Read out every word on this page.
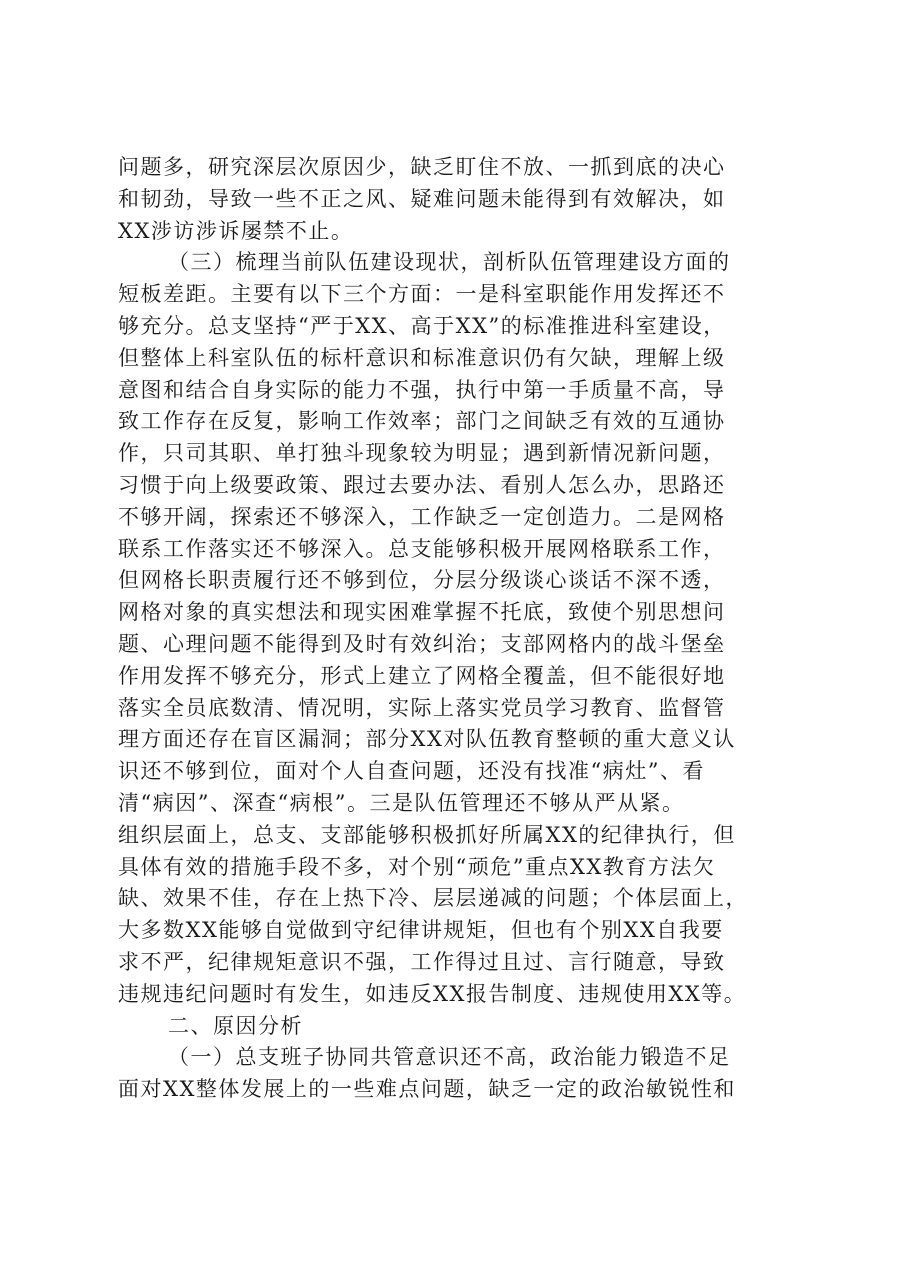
问题多，研究深层次原因少，缺乏盯住不放、一抓到底的决心
和韧劲，导致一些不正之风、疑难问题未能得到有效解决，如
XX涉访涉诉屡禁不止。
（三）梳理当前队伍建设现状，剖析队伍管理建设方面的
短板差距。主要有以下三个方面：一是科室职能作用发挥还不
够充分。总支坚持“严于XX、高于XX”的标准推进科室建设，
但整体上科室队伍的标杆意识和标准意识仍有欠缺，理解上级
意图和结合自身实际的能力不强，执行中第一手质量不高，导
致工作存在反复，影响工作效率；部门之间缺乏有效的互通协
作，只司其职、单打独斗现象较为明显；遇到新情况新问题，
习惯于向上级要政策、跟过去要办法、看别人怎么办，思路还
不够开阔，探索还不够深入，工作缺乏一定创造力。二是网格
联系工作落实还不够深入。总支能够积极开展网格联系工作，
但网格长职责履行还不够到位，分层分级谈心谈话不深不透，
网格对象的真实想法和现实困难掌握不托底，致使个别思想问
题、心理问题不能得到及时有效纠治；支部网格内的战斗堡垒
作用发挥不够充分，形式上建立了网格全覆盖，但不能很好地
落实全员底数清、情况明，实际上落实党员学习教育、监督管
理方面还存在盲区漏洞；部分XX对队伍教育整顿的重大意义认
识还不够到位，面对个人自查问题，还没有找准“病灶”、看
清“病因”、深查“病根”。三是队伍管理还不够从严从紧。
组织层面上，总支、支部能够积极抓好所属XX的纪律执行，但
具体有效的措施手段不多，对个别“顽危”重点XX教育方法欠
缺、效果不佳，存在上热下冷、层层递减的问题；个体层面上，
大多数XX能够自觉做到守纪律讲规矩，但也有个别XX自我要
求不严，纪律规矩意识不强，工作得过且过、言行随意，导致
违规违纪问题时有发生，如违反XX报告制度、违规使用XX等。
二、原因分析
（一）总支班子协同共管意识还不高，政治能力锻造不足
面对XX整体发展上的一些难点问题，缺乏一定的政治敏锐性和
